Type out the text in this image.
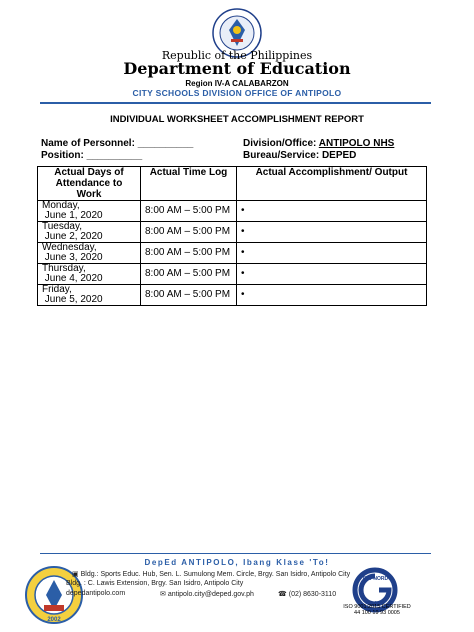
Republic of the Philippines
Department of Education
Region IV-A CALABARZON
CITY SCHOOLS DIVISION OFFICE OF ANTIPOLO
INDIVIDUAL WORKSHEET ACCOMPLISHMENT REPORT
Name of Personnel: __________
Position: __________
Division/Office: ANTIPOLO NHS
Bureau/Service: DEPED
Actual Days of Attendance to Work	Actual Time Log	Actual Accomplishment/ Output
Monday,
June 1, 2020	8:00 AM – 5:00 PM	•
Tuesday,
June 2, 2020	8:00 AM – 5:00 PM	•
Wednesday,
June 3, 2020	8:00 AM – 5:00 PM	•
Thursday,
June 4, 2020	8:00 AM – 5:00 PM	•
Friday,
June 5, 2020	8:00 AM – 5:00 PM	•
DepEd ANTIPOLO, Ibang Klase 'To!
2002
▣ Bldg.: Sports Educ. Hub, Sen. L. Sumulong Mem. Circle, Brgy. San Isidro, Antipolo City
Bldg. : C. Lawis Extension, Brgy. San Isidro, Antipolo City
depedantipolo.com	✉ antipolo.city@deped.gov.ph	☎ (02) 8630-3110
TUV NORD
ISO 9001
ISO 9001:2015 CERTIFIED
44 100 19 93 0005
